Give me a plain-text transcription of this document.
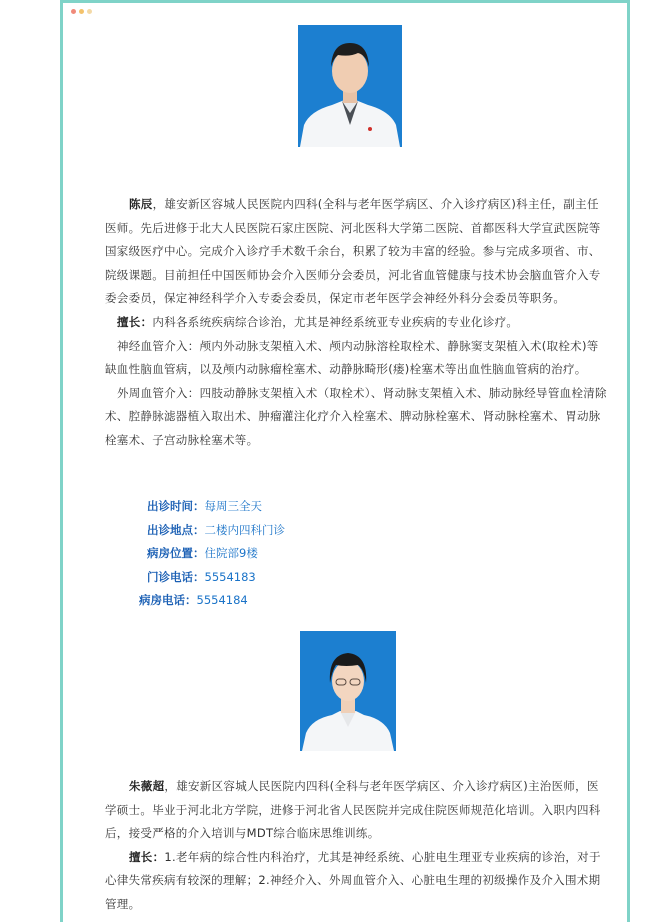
陈辰，雄安新区容城人民医院内四科(全科与老年医学病区、介入诊疗病区)科主任，副主任医师。先后进修于北大人民医院石家庄医院、河北医科大学第二医院、首都医科大学宣武医院等国家级医疗中心。完成介入诊疗手术数千余台，积累了较为丰富的经验。参与完成多项省、市、院级课题。目前担任中国医师协会介入医师分会委员，河北省血管健康与技术协会脑血管介入专委会委员，保定神经科学介入专委会委员，保定市老年医学会神经外科分会委员等职务。

擅长：内科各系统疾病综合诊治，尤其是神经系统亚专业疾病的专业化诊疗。

神经血管介入：颅内外动脉支架植入术、颅内动脉溶栓取栓术、静脉窦支架植入术(取栓术)等缺血性脑血管病，以及颅内动脉瘤栓塞术、动静脉畸形(瘘)栓塞术等出血性脑血管病的治疗。

外周血管介入：四肢动静脉支架植入术（取栓术）、肾动脉支架植入术、肺动脉经导管血栓清除术、腔静脉滤器植入取出术、肿瘤灌注化疗介入栓塞术、脾动脉栓塞术、肾动脉栓塞术、胃动脉栓塞术、子宫动脉栓塞术等。

出诊时间：每周三全天
出诊地点：二楼内四科门诊
病房位置：住院部9楼
门诊电话：5554183
病房电话：5554184

朱薇超，雄安新区容城人民医院内四科(全科与老年医学病区、介入诊疗病区)主治医师，医学硕士。毕业于河北北方学院，进修于河北省人民医院并完成住院医师规范化培训。入职内四科后，接受严格的介入培训与MDT综合临床思维训练。

擅长：1.老年病的综合性内科治疗，尤其是神经系统、心脏电生理亚专业疾病的诊治，对于心律失常疾病有较深的理解；2.神经介入、外周血管介入、心脏电生理的初级操作及介入围术期管理。
